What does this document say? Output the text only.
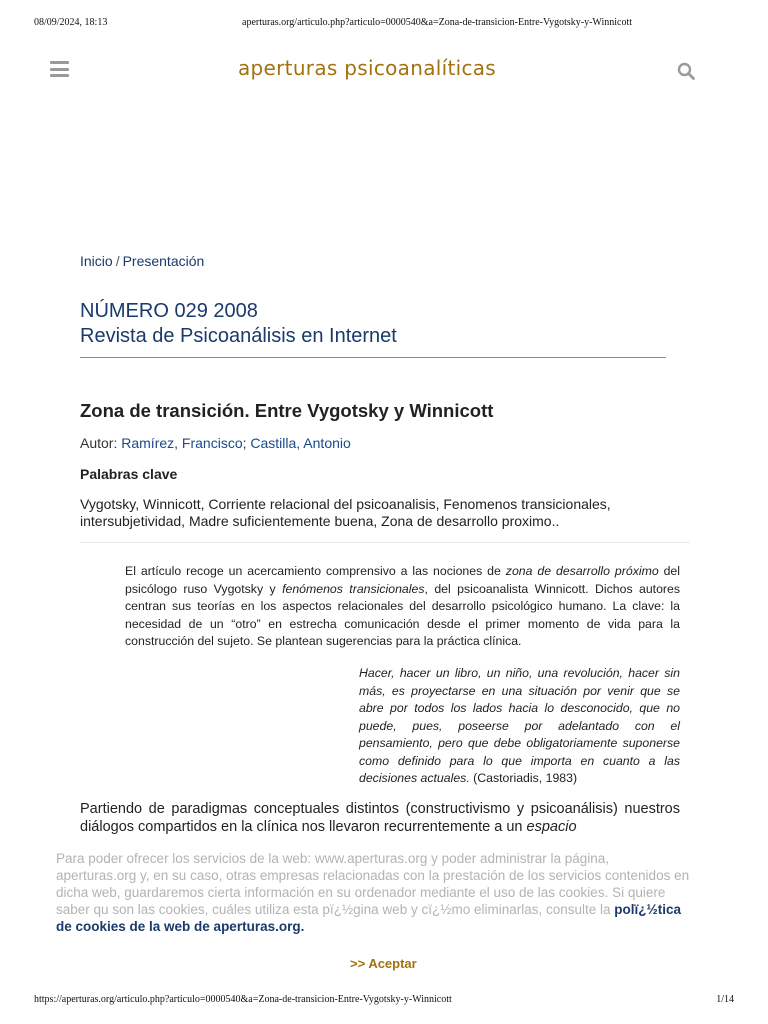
08/09/2024, 18:13	aperturas.org/articulo.php?articulo=0000540&a=Zona-de-transicion-Entre-Vygotsky-y-Winnicott
aperturas psicoanalíticas
Inicio / Presentación
NÚMERO 029 2008
Revista de Psicoanálisis en Internet
Zona de transición. Entre Vygotsky y Winnicott
Autor: Ramírez, Francisco; Castilla, Antonio
Palabras clave

Vygotsky, Winnicott, Corriente relacional del psicoanalisis, Fenomenos transicionales, intersubjetividad, Madre suficientemente buena, Zona de desarrollo proximo..

El artículo recoge un acercamiento comprensivo a las nociones de zona de desarrollo próximo del psicólogo ruso Vygotsky y fenómenos transicionales, del psicoanalista Winnicott. Dichos autores centran sus teorías en los aspectos relacionales del desarrollo psicológico humano. La clave: la necesidad de un “otro” en estrecha comunicación desde el primer momento de vida para la construcción del sujeto. Se plantean sugerencias para la práctica clínica.

Hacer, hacer un libro, un niño, una revolución, hacer sin más, es proyectarse en una situación por venir que se abre por todos los lados hacia lo desconocido, que no puede, pues, poseerse por adelantado con el pensamiento, pero que debe obligatoriamente suponerse como definido para lo que importa en cuanto a las decisiones actuales. (Castoriadis, 1983)

Partiendo de paradigmas conceptuales distintos (constructivismo y psicoanálisis) nuestros diálogos compartidos en la clínica nos llevaron recurrentemente a un espacio

Para poder ofrecer los servicios de la web: www.aperturas.org y poder administrar la página, aperturas.org y, en su caso, otras empresas relacionadas con la prestación de los servicios contenidos en dicha web, guardaremos cierta información en su ordenador mediante el uso de las cookies. Si quiere saber qu son las cookies, cuáles utiliza esta pï¿½gina web y cï¿½mo eliminarlas, consulte la polï¿½tica de cookies de la web de aperturas.org.

>> Aceptar
https://aperturas.org/articulo.php?articulo=0000540&a=Zona-de-transicion-Entre-Vygotsky-y-Winnicott	1/14
